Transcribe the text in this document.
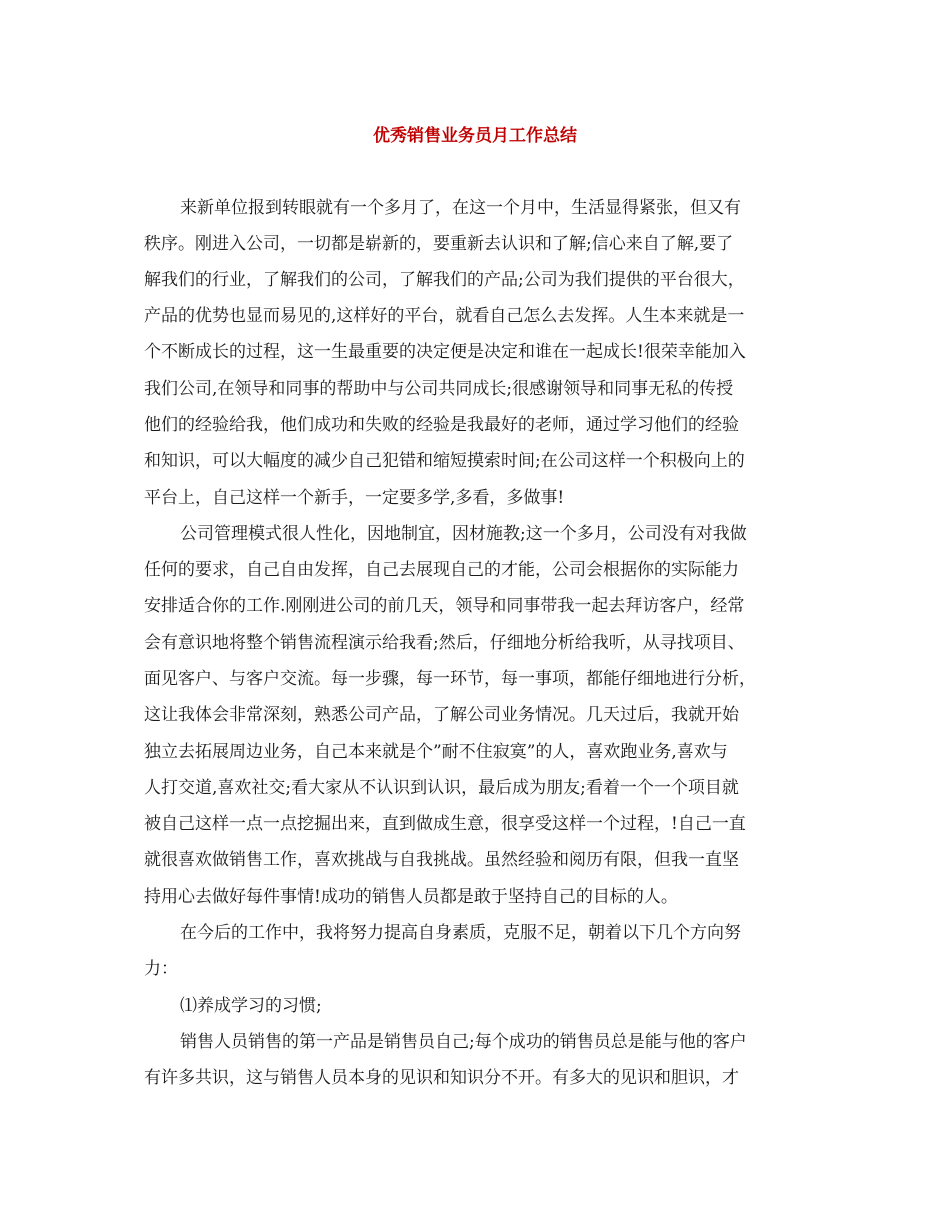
优秀销售业务员月工作总结
来新单位报到转眼就有一个多月了，在这一个月中，生活显得紧张，但又有
秩序。刚进入公司，一切都是崭新的，要重新去认识和了解;信心来自了解,要了
解我们的行业，了解我们的公司，了解我们的产品;公司为我们提供的平台很大，
产品的优势也显而易见的,这样好的平台，就看自己怎么去发挥。人生本来就是一
个不断成长的过程，这一生最重要的决定便是决定和谁在一起成长!很荣幸能加入
我们公司,在领导和同事的帮助中与公司共同成长;很感谢领导和同事无私的传授
他们的经验给我，他们成功和失败的经验是我最好的老师，通过学习他们的经验
和知识，可以大幅度的减少自己犯错和缩短摸索时间;在公司这样一个积极向上的
平台上，自己这样一个新手，一定要多学,多看，多做事!
公司管理模式很人性化，因地制宜，因材施教;这一个多月，公司没有对我做
任何的要求，自己自由发挥，自己去展现自己的才能，公司会根据你的实际能力
安排适合你的工作.刚刚进公司的前几天，领导和同事带我一起去拜访客户，经常
会有意识地将整个销售流程演示给我看;然后，仔细地分析给我听，从寻找项目、
面见客户、与客户交流。每一步骤，每一环节，每一事项，都能仔细地进行分析，
这让我体会非常深刻，熟悉公司产品，了解公司业务情况。几天过后，我就开始
独立去拓展周边业务，自己本来就是个”耐不住寂寞”的人，喜欢跑业务,喜欢与
人打交道,喜欢社交;看大家从不认识到认识，最后成为朋友;看着一个一个项目就
被自己这样一点一点挖掘出来，直到做成生意，很享受这样一个过程，!自己一直
就很喜欢做销售工作，喜欢挑战与自我挑战。虽然经验和阅历有限，但我一直坚
持用心去做好每件事情!成功的销售人员都是敢于坚持自己的目标的人。
在今后的工作中，我将努力提高自身素质，克服不足，朝着以下几个方向努
力：
⑴养成学习的习惯;
销售人员销售的第一产品是销售员自己;每个成功的销售员总是能与他的客户
有许多共识，这与销售人员本身的见识和知识分不开。有多大的见识和胆识，才
